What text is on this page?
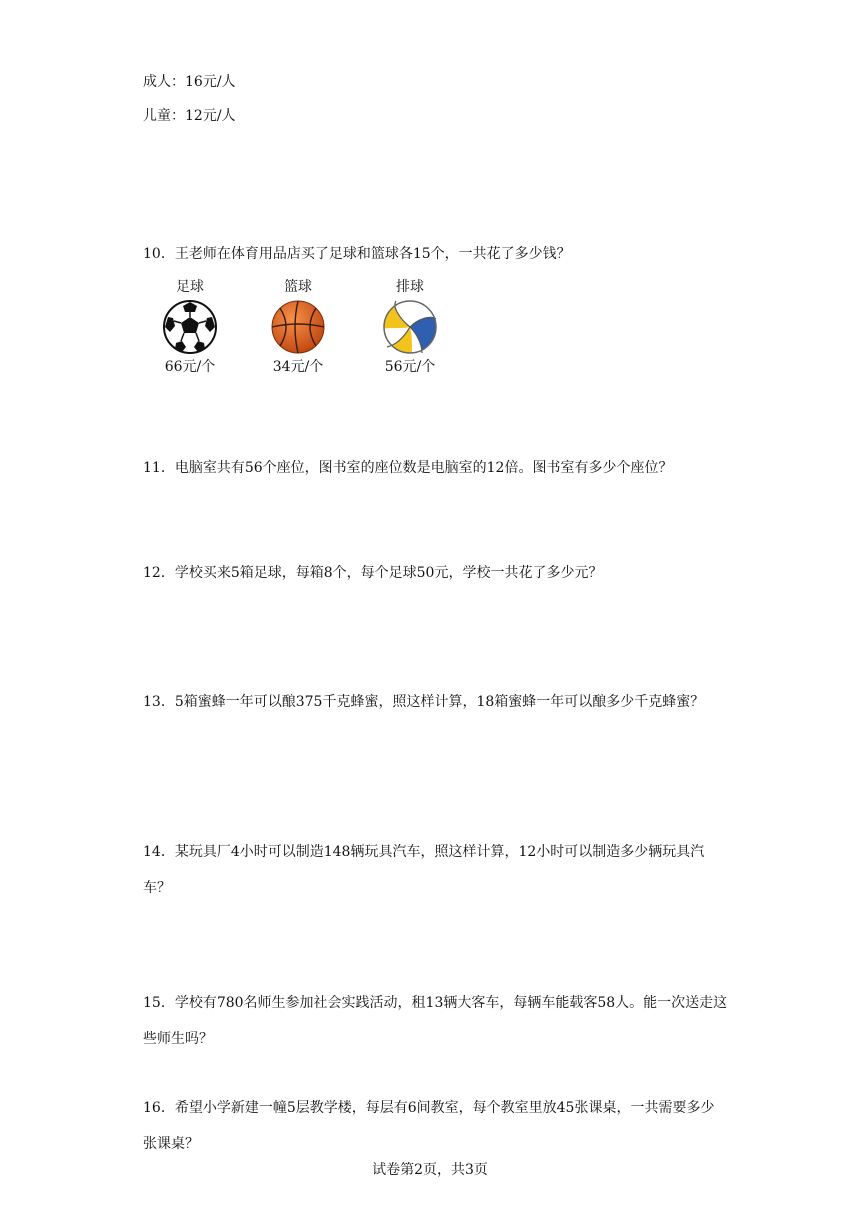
成人：16元/人
儿童：12元/人
10．王老师在体育用品店买了足球和篮球各15个，一共花了多少钱？
足球
66元/个
篮球
34元/个
排球
56元/个
11．电脑室共有56个座位，图书室的座位数是电脑室的12倍。图书室有多少个座位？
12．学校买来5箱足球，每箱8个，每个足球50元，学校一共花了多少元？
13．5箱蜜蜂一年可以酿375千克蜂蜜，照这样计算，18箱蜜蜂一年可以酿多少千克蜂蜜？
14．某玩具厂4小时可以制造148辆玩具汽车，照这样计算，12小时可以制造多少辆玩具汽车？
15．学校有780名师生参加社会实践活动，租13辆大客车，每辆车能载客58人。能一次送走这些师生吗？
16．希望小学新建一幢5层教学楼，每层有6间教室，每个教室里放45张课桌，一共需要多少张课桌？
试卷第2页，共3页
